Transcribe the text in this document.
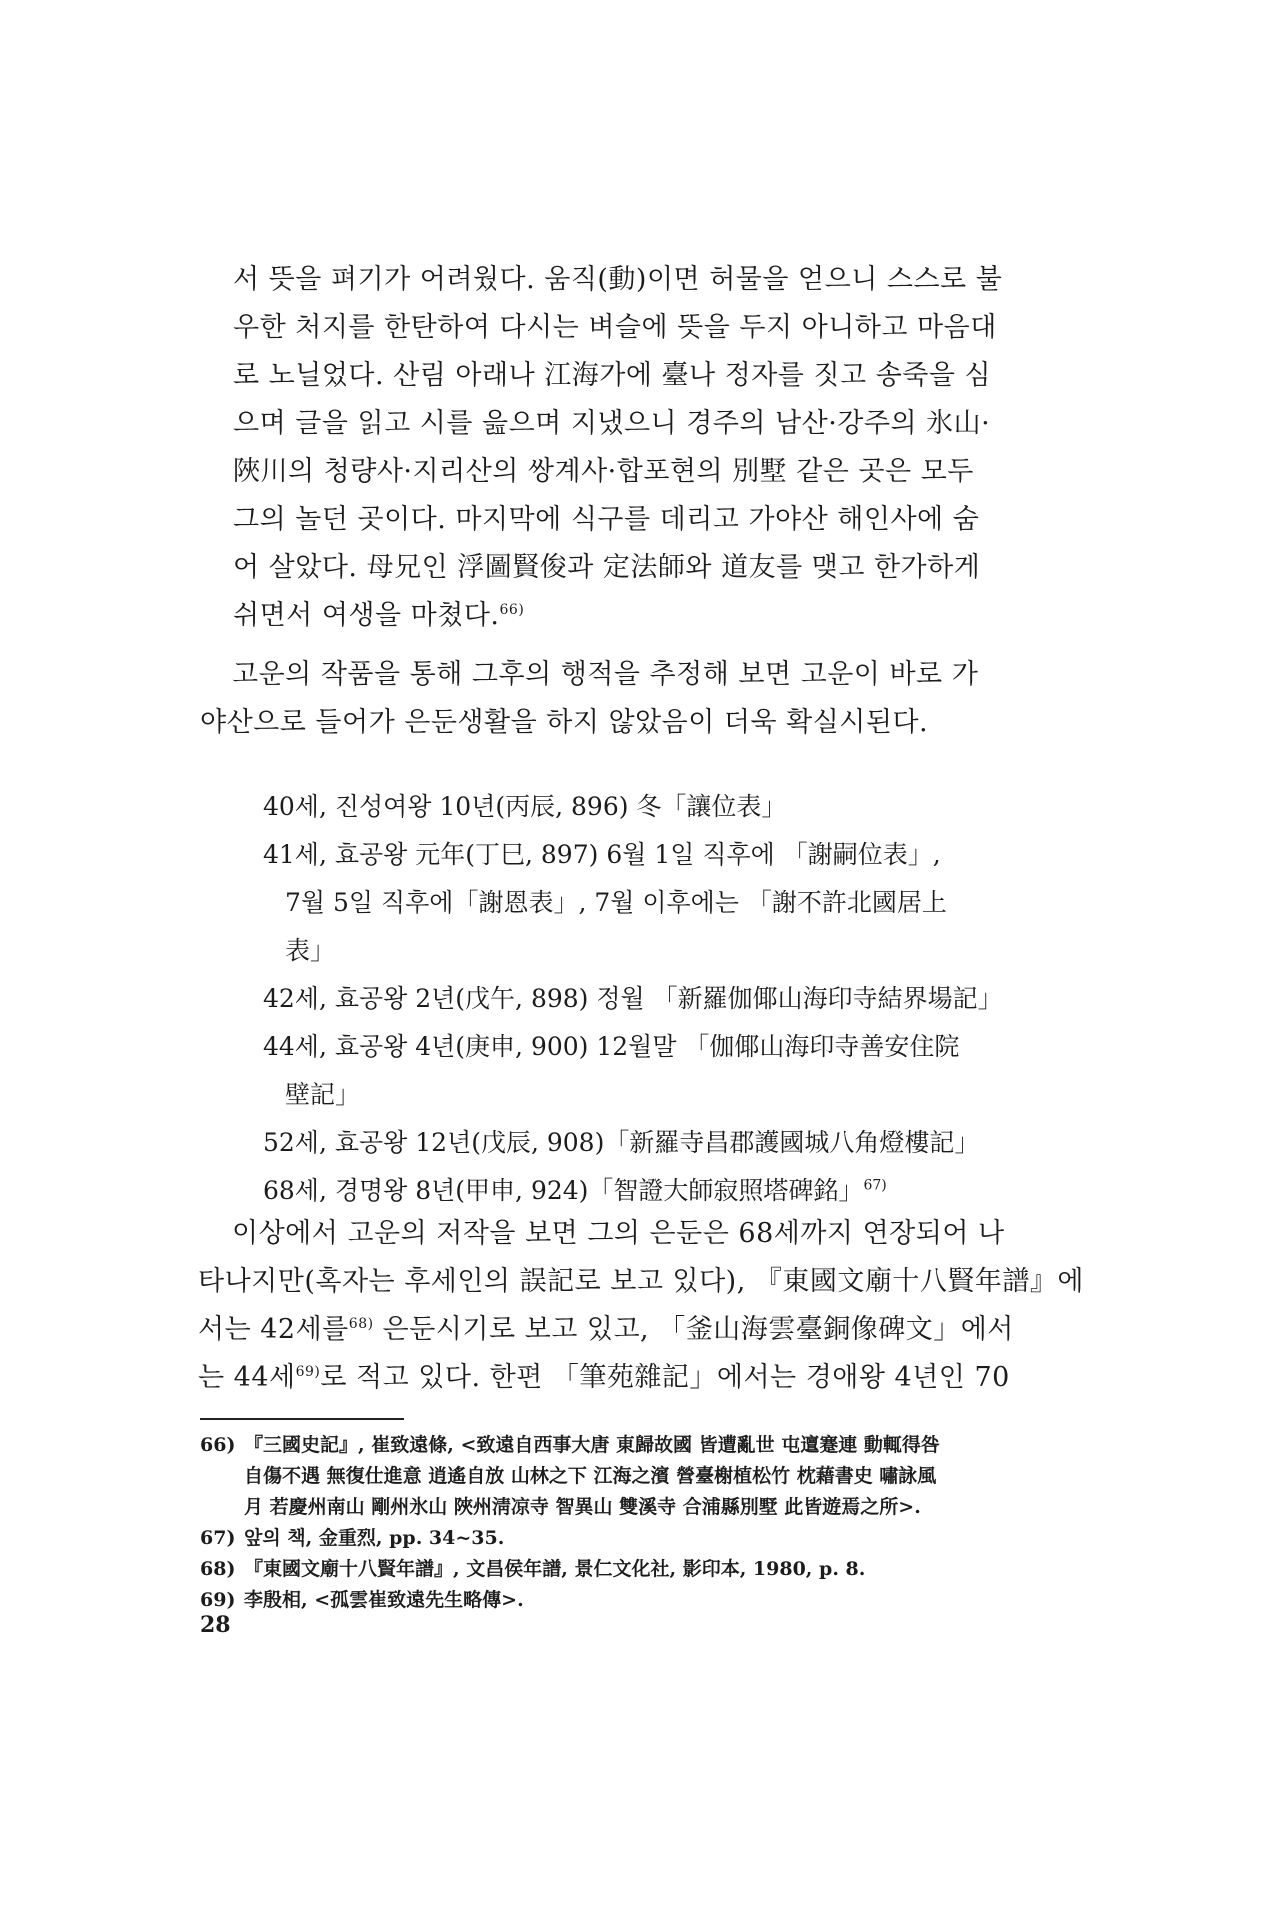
서 뜻을 펴기가 어려웠다. 움직(動)이면 허물을 얻으니 스스로 불

우한 처지를 한탄하여 다시는 벼슬에 뜻을 두지 아니하고 마음대

로 노닐었다. 산림 아래나 江海가에 臺나 정자를 짓고 송죽을 심

으며 글을 읽고 시를 읊으며 지냈으니 경주의 남산·강주의 氷山·

陜川의 청량사·지리산의 쌍계사·합포현의 別墅 같은 곳은 모두

그의 놀던 곳이다. 마지막에 식구를 데리고 가야산 해인사에 숨

어 살았다. 母兄인 浮圖賢俊과 定法師와 道友를 맺고 한가하게

쉬면서 여생을 마쳤다.$^{66)}$

고운의 작품을 통해 그후의 행적을 추정해 보면 고운이 바로 가

야산으로 들어가 은둔생활을 하지 않았음이 더욱 확실시된다.

40세, 진성여왕 10년(丙辰, 896) 冬「讓位表」
41세, 효공왕 元年(丁巳, 897) 6월 1일 직후에 「謝嗣位表」,
7월 5일 직후에「謝恩表」, 7월 이후에는 「謝不許北國居上
表」
42세, 효공왕 2년(戊午, 898) 정월 「新羅伽倻山海印寺結界場記」
44세, 효공왕 4년(庚申, 900) 12월말 「伽倻山海印寺善安住院
壁記」
52세, 효공왕 12년(戊辰, 908)「新羅寺昌郡護國城八角燈樓記」
68세, 경명왕 8년(甲申, 924)「智證大師寂照塔碑銘」$^{67)}$

이상에서 고운의 저작을 보면 그의 은둔은 68세까지 연장되어 나

타나지만(혹자는 후세인의 誤記로 보고 있다), 『東國文廟十八賢年譜』에

서는 42세를$^{68)}$ 은둔시기로 보고 있고, 「釜山海雲臺銅像碑文」에서

는 44세$^{69)}$로 적고 있다. 한편 「筆苑雜記」에서는 경애왕 4년인 70

66) 『三國史記』, 崔致遠條, <致遠自西事大唐 東歸故國 皆遭亂世 屯邅蹇連 動輒得咎
自傷不遇 無復仕進意 逍遙自放 山林之下 江海之濱 營臺榭植松竹 枕藉書史 嘯詠風
月 若慶州南山 剛州氷山 陜州淸凉寺 智異山 雙溪寺 合浦縣別墅 此皆遊焉之所>.
67) 앞의 책, 金重烈, pp. 34~35.
68) 『東國文廟十八賢年譜』, 文昌侯年譜, 景仁文化社, 影印本, 1980, p. 8.
69) 李殷相, <孤雲崔致遠先生略傳>.
28
